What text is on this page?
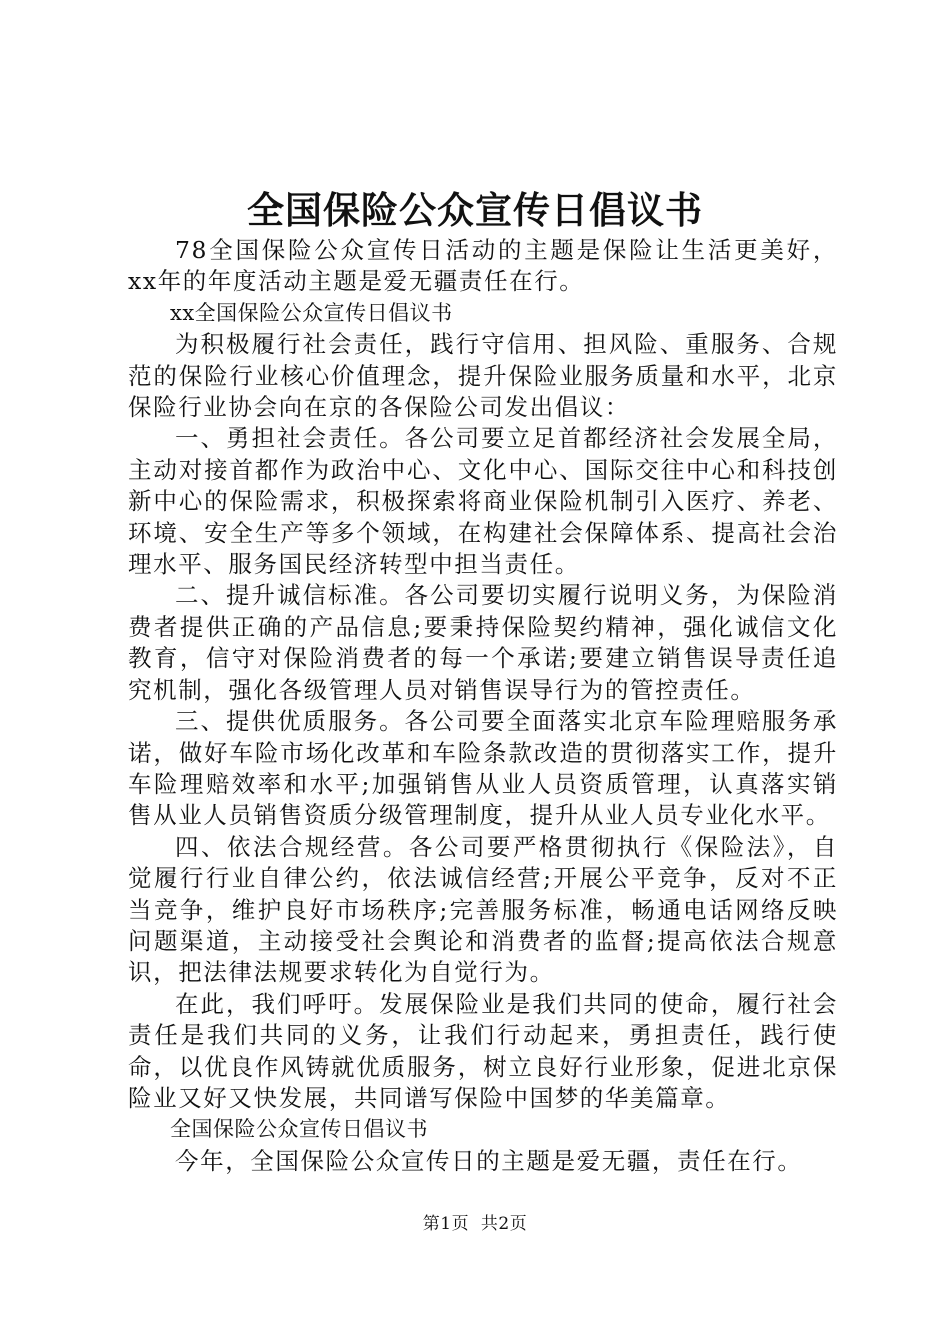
全国保险公众宣传日倡议书

78全国保险公众宣传日活动的主题是保险让生活更美好，xx年的年度活动主题是爱无疆责任在行。

xx全国保险公众宣传日倡议书

为积极履行社会责任，践行守信用、担风险、重服务、合规范的保险行业核心价值理念，提升保险业服务质量和水平，北京保险行业协会向在京的各保险公司发出倡议：

一、勇担社会责任。各公司要立足首都经济社会发展全局，主动对接首都作为政治中心、文化中心、国际交往中心和科技创新中心的保险需求，积极探索将商业保险机制引入医疗、养老、环境、安全生产等多个领域，在构建社会保障体系、提高社会治理水平、服务国民经济转型中担当责任。

二、提升诚信标准。各公司要切实履行说明义务，为保险消费者提供正确的产品信息;要秉持保险契约精神，强化诚信文化教育，信守对保险消费者的每一个承诺;要建立销售误导责任追究机制，强化各级管理人员对销售误导行为的管控责任。

三、提供优质服务。各公司要全面落实北京车险理赔服务承诺，做好车险市场化改革和车险条款改造的贯彻落实工作，提升车险理赔效率和水平;加强销售从业人员资质管理，认真落实销售从业人员销售资质分级管理制度，提升从业人员专业化水平。

四、依法合规经营。各公司要严格贯彻执行《保险法》，自觉履行行业自律公约，依法诚信经营;开展公平竞争，反对不正当竞争，维护良好市场秩序;完善服务标准，畅通电话网络反映问题渠道，主动接受社会舆论和消费者的监督;提高依法合规意识，把法律法规要求转化为自觉行为。

在此，我们呼吁。发展保险业是我们共同的使命，履行社会责任是我们共同的义务，让我们行动起来，勇担责任，践行使命，以优良作风铸就优质服务，树立良好行业形象，促进北京保险业又好又快发展，共同谱写保险中国梦的华美篇章。

全国保险公众宣传日倡议书

今年，全国保险公众宣传日的主题是爱无疆，责任在行。

第1页 共2页
